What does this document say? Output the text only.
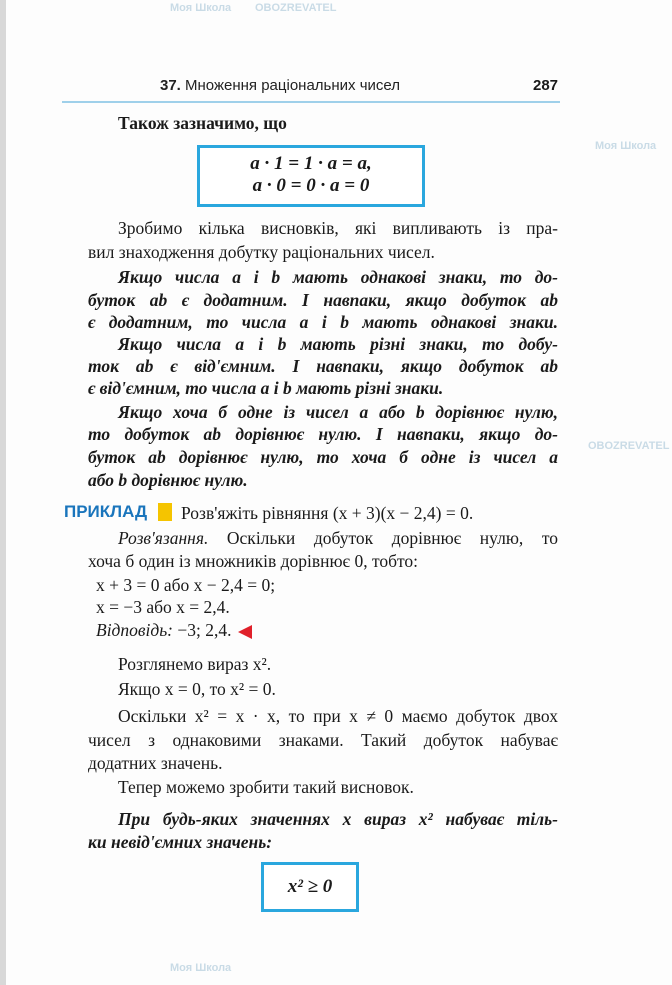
37. Множення раціональних чисел	287
Також зазначимо, що
a · 1 = 1 · a = a,
a · 0 = 0 · a = 0
Зробимо кілька висновків, які випливають із пра-
вил знаходження добутку раціональних чисел.
Якщо числа a і b мають однакові знаки, то до-
буток ab є додатним. І навпаки, якщо добуток ab
є додатним, то числа a і b мають однакові знаки.
Якщо числа a і b мають різні знаки, то добу-
ток ab є від'ємним. І навпаки, якщо добуток ab
є від'ємним, то числа a і b мають різні знаки.
Якщо хоча б одне із чисел a або b дорівнює нулю,
то добуток ab дорівнює нулю. І навпаки, якщо до-
буток ab дорівнює нулю, то хоча б одне із чисел a
або b дорівнює нулю.
ПРИКЛАД Розв'яжіть рівняння (x + 3)(x − 2,4) = 0.
Розв'язання. Оскільки добуток дорівнює нулю, то
хоча б один із множників дорівнює 0, тобто:
x + 3 = 0 або x − 2,4 = 0;
x = −3 або x = 2,4.
Відповідь: −3; 2,4.
Розглянемо вираз x².
Якщо x = 0, то x² = 0.
Оскільки x² = x · x, то при x ≠ 0 маємо добуток двох
чисел з однаковими знаками. Такий добуток набуває
додатних значень.
Тепер можемо зробити такий висновок.
При будь-яких значеннях x вираз x² набуває тіль-
ки невід'ємних значень:
x² ≥ 0
Моя Школа OBOZREVATEL
Моя Школа
OBOZREVATEL
Моя Школа
